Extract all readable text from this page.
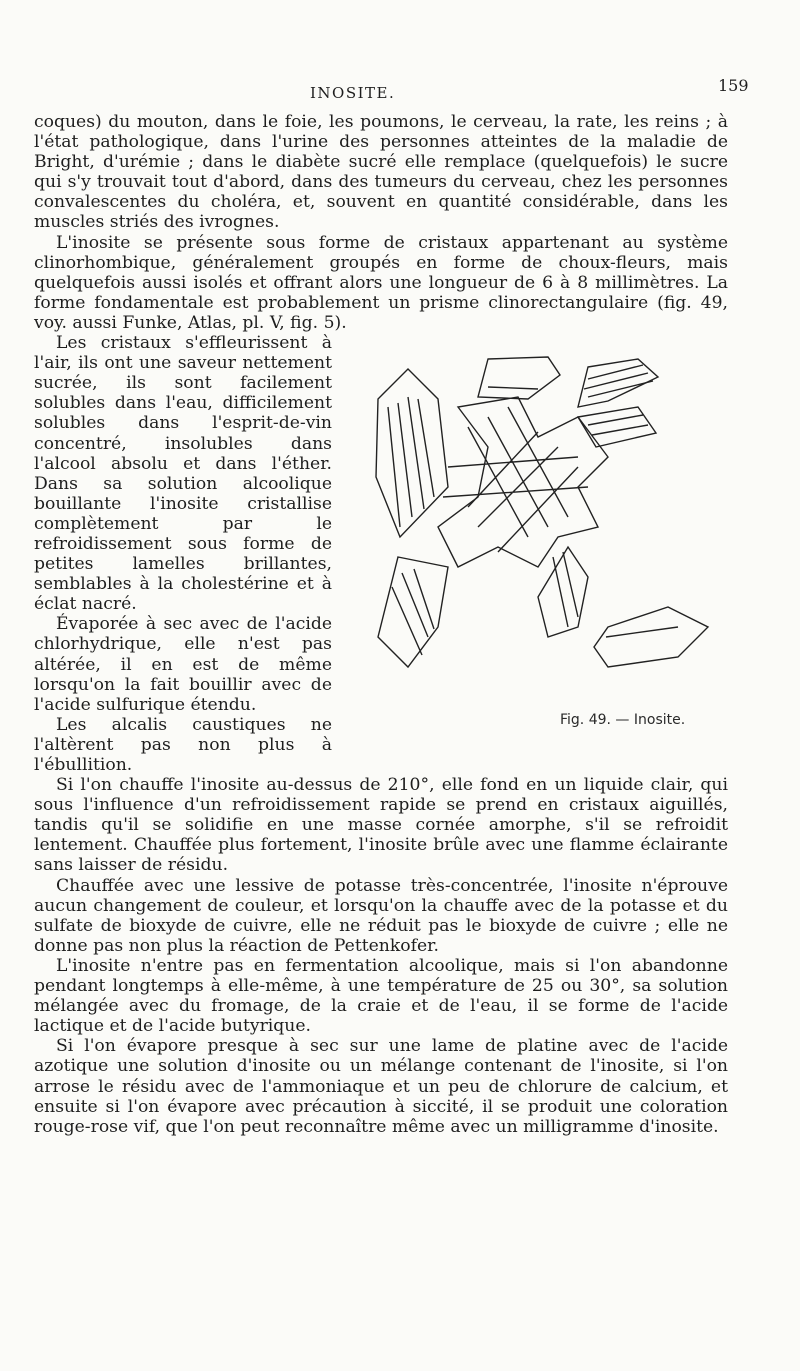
INOSITE.	159

coques) du mouton, dans le foie, les poumons, le cerveau, la rate, les reins ; à l'état pathologique, dans l'urine des personnes atteintes de la maladie de Bright, d'urémie ; dans le diabète sucré elle remplace (quelquefois) le sucre qui s'y trouvait tout d'abord, dans des tumeurs du cerveau, chez les personnes convalescentes du choléra, et, souvent en quantité considérable, dans les muscles striés des ivrognes.

L'inosite se présente sous forme de cristaux appartenant au système clinorhombique, généralement groupés en forme de choux-fleurs, mais quelquefois aussi isolés et offrant alors une longueur de 6 à 8 millimètres. La forme fondamentale est probablement un prisme clinorectangulaire (fig. 49, voy. aussi Funke, Atlas, pl. V, fig. 5).

Fig. 49. — Inosite.

Les cristaux s'effleurissent à l'air, ils ont une saveur nettement sucrée, ils sont facilement solubles dans l'eau, difficilement solubles dans l'esprit-de-vin concentré, insolubles dans l'alcool absolu et dans l'éther. Dans sa solution alcoolique bouillante l'inosite cristallise complètement par le refroidissement sous forme de petites lamelles brillantes, semblables à la cholestérine et à éclat nacré.

Évaporée à sec avec de l'acide chlorhydrique, elle n'est pas altérée, il en est de même lorsqu'on la fait bouillir avec de l'acide sulfurique étendu.

Les alcalis caustiques ne l'altèrent pas non plus à l'ébullition.

Si l'on chauffe l'inosite au-dessus de 210°, elle fond en un liquide clair, qui sous l'influence d'un refroidissement rapide se prend en cristaux aiguillés, tandis qu'il se solidifie en une masse cornée amorphe, s'il se refroidit lentement. Chauffée plus fortement, l'inosite brûle avec une flamme éclairante sans laisser de résidu.

Chauffée avec une lessive de potasse très-concentrée, l'inosite n'éprouve aucun changement de couleur, et lorsqu'on la chauffe avec de la potasse et du sulfate de bioxyde de cuivre, elle ne réduit pas le bioxyde de cuivre ; elle ne donne pas non plus la réaction de Pettenkofer.

L'inosite n'entre pas en fermentation alcoolique, mais si l'on abandonne pendant longtemps à elle-même, à une température de 25 ou 30°, sa solution mélangée avec du fromage, de la craie et de l'eau, il se forme de l'acide lactique et de l'acide butyrique.

Si l'on évapore presque à sec sur une lame de platine avec de l'acide azotique une solution d'inosite ou un mélange contenant de l'inosite, si l'on arrose le résidu avec de l'ammoniaque et un peu de chlorure de calcium, et ensuite si l'on évapore avec précaution à siccité, il se produit une coloration rouge-rose vif, que l'on peut reconnaître même avec un milligramme d'inosite.
